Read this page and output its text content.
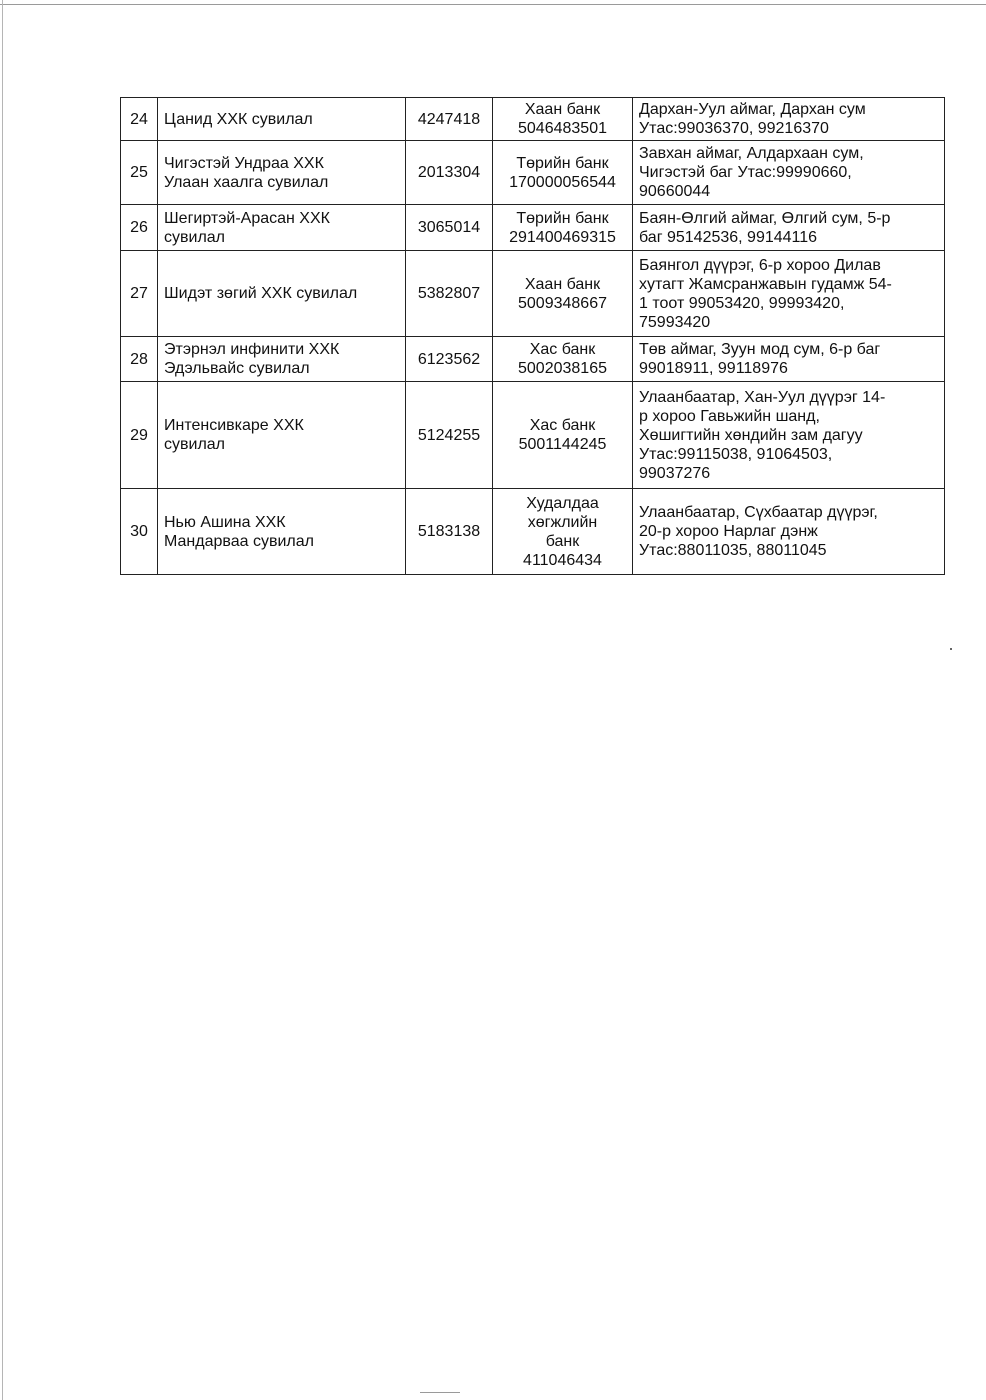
24	Цанид ХХК сувилал	4247418	Хаан банк
5046483501	Дархан-Уул аймаг, Дархан сум
Утас:99036370, 99216370

25	Чигэстэй Ундраа ХХК
Улаан хаалга сувилал	2013304	Төрийн банк
170000056544	Завхан аймаг, Алдархаан сум,
Чигэстэй баг Утас:99990660,
90660044

26	Шегиртэй-Арасан ХХК
сувилал	3065014	Төрийн банк
291400469315	Баян-Өлгий аймаг, Өлгий сум, 5-р
баг 95142536, 99144116

27	Шидэт зөгий ХХК сувилал	5382807	Хаан банк
5009348667	Баянгол дүүрэг, 6-р хороо Дилав
хутагт Жамсранжавын гудамж 54-
1 тоот 99053420, 99993420,
75993420

28	Этэрнэл инфинити ХХК
Эдэльвайс сувилал	6123562	Хас банк
5002038165	Төв аймаг, Зуун мод сум, 6-р баг
99018911, 99118976

29	Интенсивкаре ХХК
сувилал	5124255	Хас банк
5001144245	Улаанбаатар, Хан-Уул дүүрэг 14-
р хороо Гавьжийн шанд,
Хөшигтийн хөндийн зам дагуу
Утас:99115038, 91064503,
99037276

30	Нью Ашина ХХК
Мандарваа сувилал	5183138	Худалдаа
хөгжлийн
банк
411046434	Улаанбаатар, Сүхбаатар дүүрэг,
20-р хороо Нарлаг дэнж
Утас:88011035, 88011045
